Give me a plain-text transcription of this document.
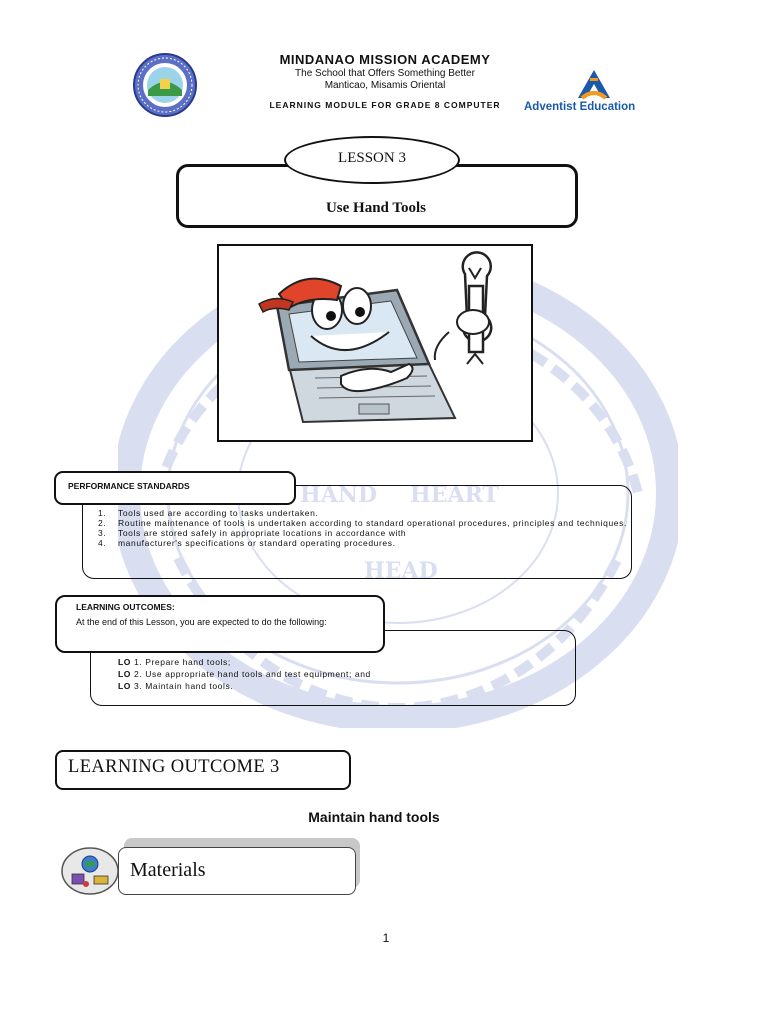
HAND HEART
HEAD
MINDANAO MISSION ACADEMY
The School that Offers Something Better
Manticao, Misamis Oriental
LEARNING MODULE FOR GRADE 8 COMPUTER	Adventist Education
LESSON 3
Use Hand Tools
PERFORMANCE STANDARDS
1.	Tools used are according to tasks undertaken.
2.	Routine maintenance of tools is undertaken according to standard operational procedures, principles and techniques.
3.	Tools are stored safely in appropriate locations in accordance with
4.	manufacturer's specifications or standard operating procedures.
LEARNING OUTCOMES:
At the end of this Lesson, you are expected to do the following:
LO 1. Prepare hand tools;
LO 2. Use appropriate hand tools and test equipment; and
LO 3. Maintain hand tools.
LEARNING OUTCOME 3
Maintain hand tools
Materials
1
